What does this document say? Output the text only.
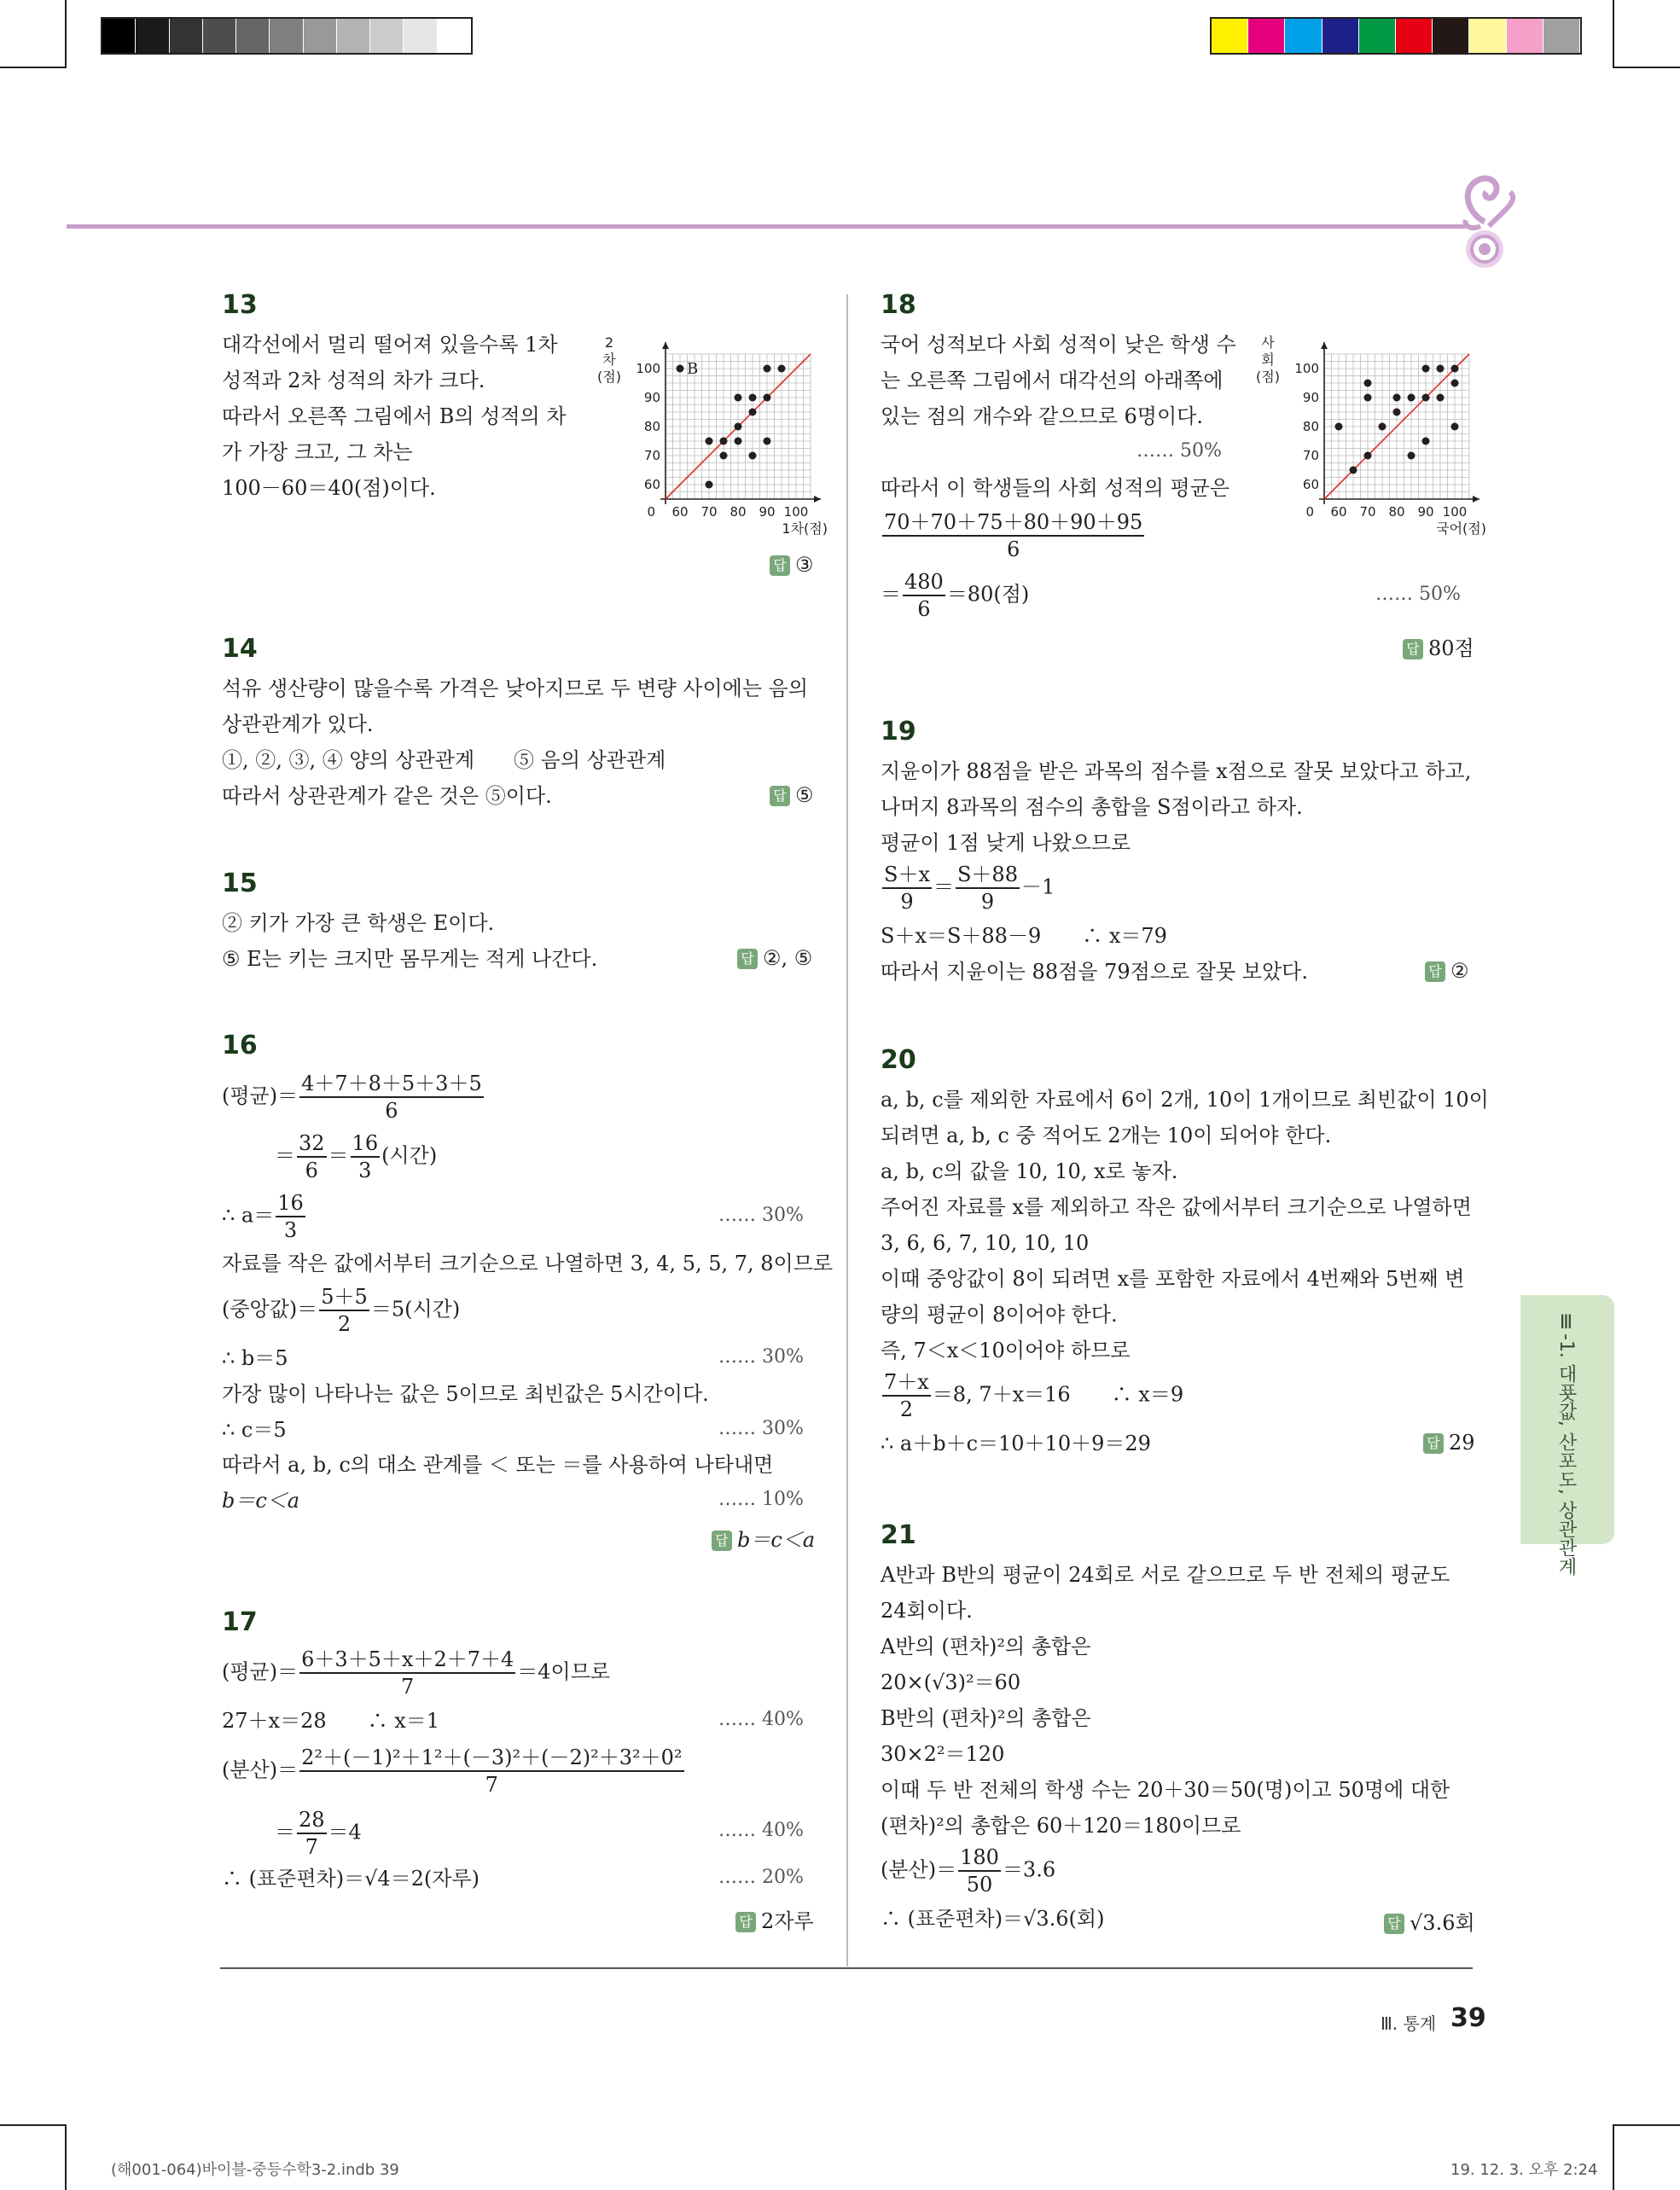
13
대각선에서 멀리 떨어져 있을수록 1차
성적과 2차 성적의 차가 크다.
따라서 오른쪽 그림에서 B의 성적의 차
가 가장 크고, 그 차는
100－60＝40(점)이다.
60 70 80 90 100
60
70
80
90
100
0
1차(점)
2
차
(점)	B
답 ③
14
석유 생산량이 많을수록 가격은 낮아지므로 두 변량 사이에는 음의
상관관계가 있다.
①, ②, ③, ④ 양의 상관관계 ⑤ 음의 상관관계
따라서 상관관계가 같은 것은 ⑤이다.	답 ⑤
15
② 키가 가장 큰 학생은 E이다.
⑤ E는 키는 크지만 몸무게는 적게 나간다.	답 ②, ⑤
16
(평균)＝ $\frac{4+7+8+5+3+5}{6}$
＝ $\frac{32}{6} = \frac{16}{3}$ (시간)
∴ $a= \frac{16}{3}$	…… 30%
자료를 작은 값에서부터 크기순으로 나열하면 3, 4, 5, 5, 7, 8이므로
(중앙값)＝ $\frac{5+5}{2} =5$(시간)
∴ b＝5	…… 30%
가장 많이 나타나는 값은 5이므로 최빈값은 5시간이다.
∴ c＝5	…… 30%
따라서 a, b, c의 대소 관계를 ＜ 또는 ＝를 사용하여 나타내면
b＝c＜a	…… 10%
답 b＝c＜a
17
(평균)＝ $\frac{6+3+5+x+2+7+4}{7} =4$이므로
27＋x＝28　　∴ x＝1	…… 40%
(분산)＝ $\frac{\text{2²＋(－1)²＋1²＋(－3)²＋(－2)²＋3²＋0²}}{7}$
＝ $\frac{28}{7} =4$	…… 40%
∴ (표준편차)＝√4＝2(자루)	…… 20%
답 2자루
18
국어 성적보다 사회 성적이 낮은 학생 수
는 오른쪽 그림에서 대각선의 아래쪽에
있는 점의 개수와 같으므로 6명이다.
…… 50%
따라서 이 학생들의 사회 성적의 평균은
$\frac{70+70+75+80+90+95}{6}$
＝ $\frac{480}{6} =80$(점)	…… 50%
답 80점
60 70 80 90 100
60
70
80
90
100
0
국어(점)
사
회
(점)
19
지윤이가 88점을 받은 과목의 점수를 x점으로 잘못 보았다고 하고,
나머지 8과목의 점수의 총합을 S점이라고 하자.
평균이 1점 낮게 나왔으므로
$\frac{S+x}{9} = \frac{S+88}{9} -1$
S＋x＝S＋88－9　　∴ x＝79
따라서 지윤이는 88점을 79점으로 잘못 보았다.	답 ②
20
a, b, c를 제외한 자료에서 6이 2개, 10이 1개이므로 최빈값이 10이
되려면 a, b, c 중 적어도 2개는 10이 되어야 한다.
a, b, c의 값을 10, 10, x로 놓자.
주어진 자료를 x를 제외하고 작은 값에서부터 크기순으로 나열하면
3, 6, 6, 7, 10, 10, 10
이때 중앙값이 8이 되려면 x를 포함한 자료에서 4번째와 5번째 변
량의 평균이 8이어야 한다.
즉, 7＜x＜10이어야 하므로
$\frac{7+x}{2} =8$, 7＋x＝16　　∴ x＝9
∴ a＋b＋c＝10＋10＋9＝29	답 29
21
A반과 B반의 평균이 24회로 서로 같으므로 두 반 전체의 평균도
24회이다.
A반의 (편차)²의 총합은
20×(√3)²＝60
B반의 (편차)²의 총합은
30×2²＝120
이때 두 반 전체의 학생 수는 20＋30＝50(명)이고 50명에 대한
(편차)²의 총합은 60＋120＝180이므로
(분산)＝ $\frac{180}{50} =3.6$
∴ (표준편차)＝√3.6(회)	답 √3.6회
Ⅲ-1. 대푯값, 산포도, 상관관계
Ⅲ. 통계 39
(해001-064)바이블-중등수학3-2.indb 39	19. 12. 3. 오후 2:24
